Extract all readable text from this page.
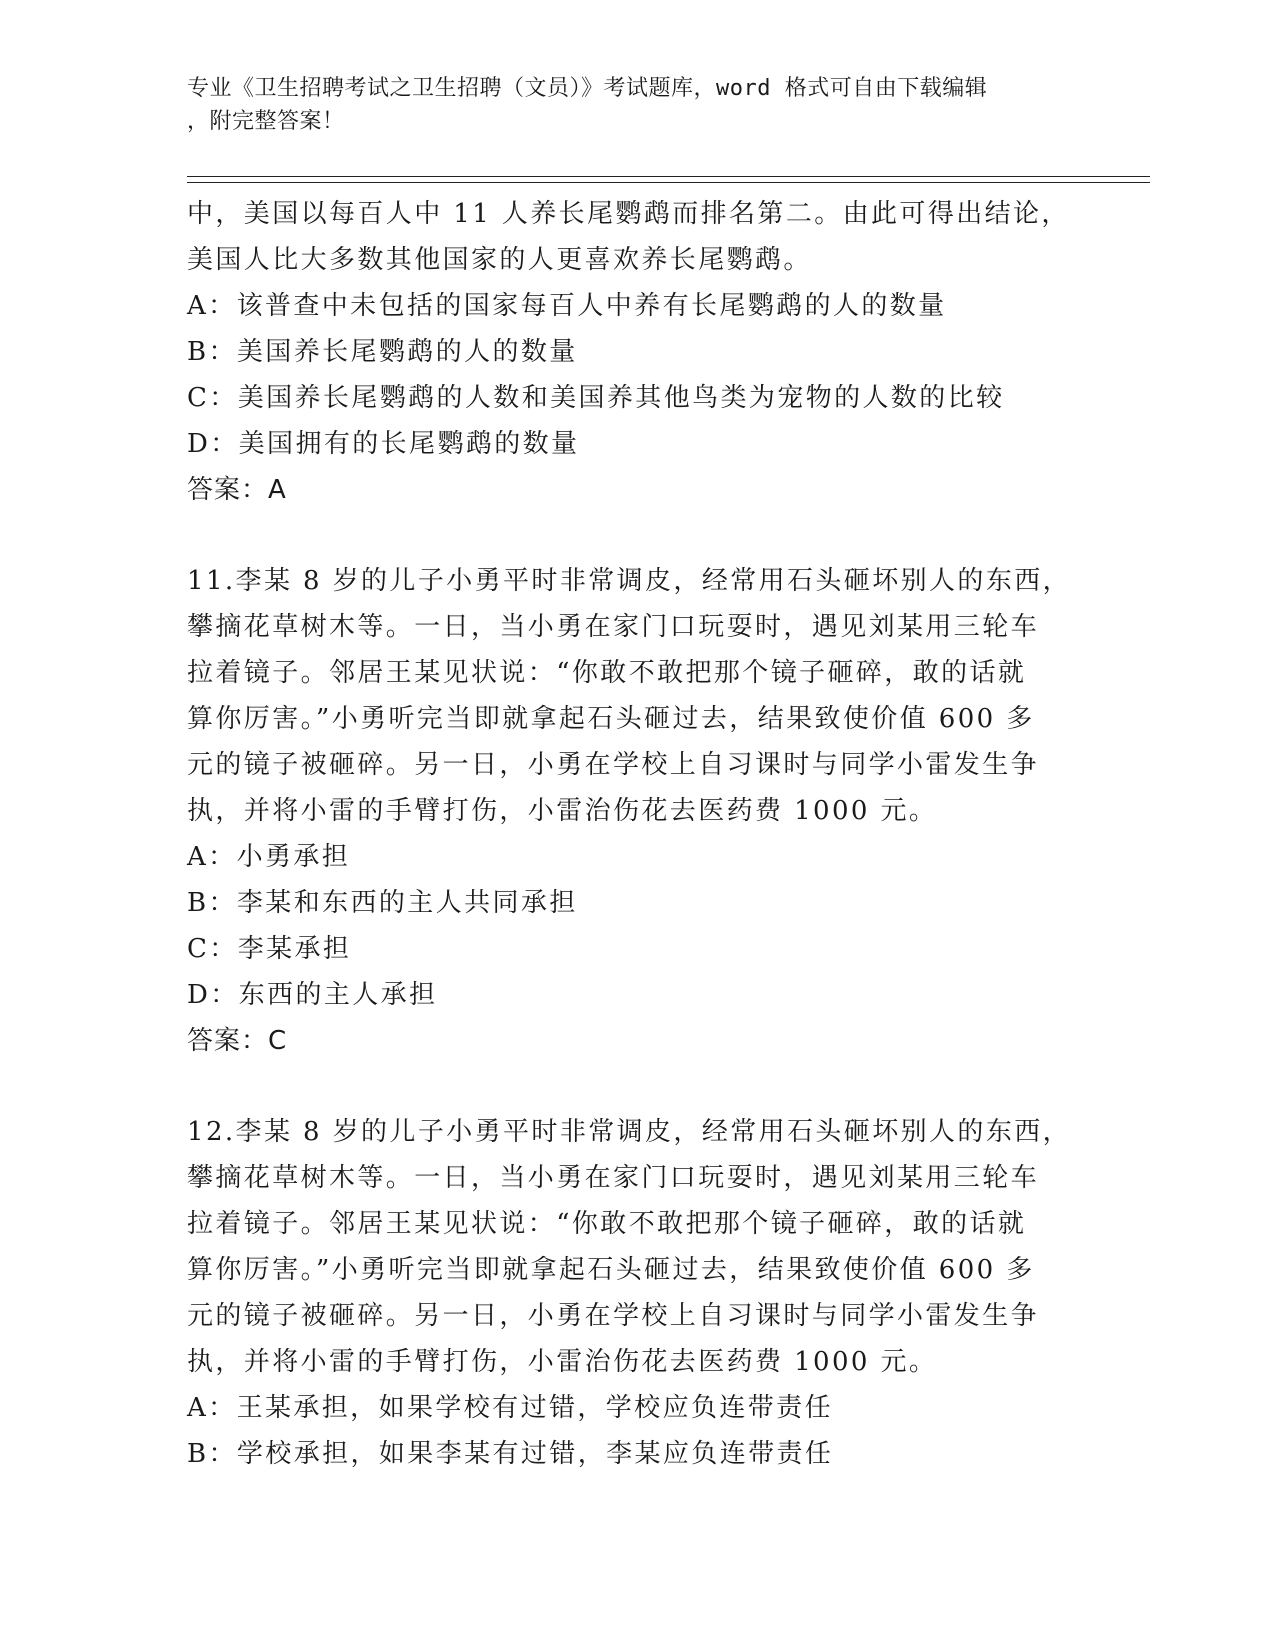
专业《卫生招聘考试之卫生招聘（文员）》考试题库，word 格式可自由下载编辑
，附完整答案！
中，美国以每百人中 11 人养长尾鹦鹉而排名第二。由此可得出结论，
美国人比大多数其他国家的人更喜欢养长尾鹦鹉。
A：该普查中未包括的国家每百人中养有长尾鹦鹉的人的数量
B：美国养长尾鹦鹉的人的数量
C：美国养长尾鹦鹉的人数和美国养其他鸟类为宠物的人数的比较
D：美国拥有的长尾鹦鹉的数量
答案：A
11.李某 8 岁的儿子小勇平时非常调皮，经常用石头砸坏别人的东西，
攀摘花草树木等。一日，当小勇在家门口玩耍时，遇见刘某用三轮车
拉着镜子。邻居王某见状说：“你敢不敢把那个镜子砸碎，敢的话就
算你厉害。”小勇听完当即就拿起石头砸过去，结果致使价值 600 多
元的镜子被砸碎。另一日，小勇在学校上自习课时与同学小雷发生争
执，并将小雷的手臂打伤，小雷治伤花去医药费 1000 元。
A：小勇承担
B：李某和东西的主人共同承担
C：李某承担
D：东西的主人承担
答案：C
12.李某 8 岁的儿子小勇平时非常调皮，经常用石头砸坏别人的东西，
攀摘花草树木等。一日，当小勇在家门口玩耍时，遇见刘某用三轮车
拉着镜子。邻居王某见状说：“你敢不敢把那个镜子砸碎，敢的话就
算你厉害。”小勇听完当即就拿起石头砸过去，结果致使价值 600 多
元的镜子被砸碎。另一日，小勇在学校上自习课时与同学小雷发生争
执，并将小雷的手臂打伤，小雷治伤花去医药费 1000 元。
A：王某承担，如果学校有过错，学校应负连带责任
B：学校承担，如果李某有过错，李某应负连带责任
